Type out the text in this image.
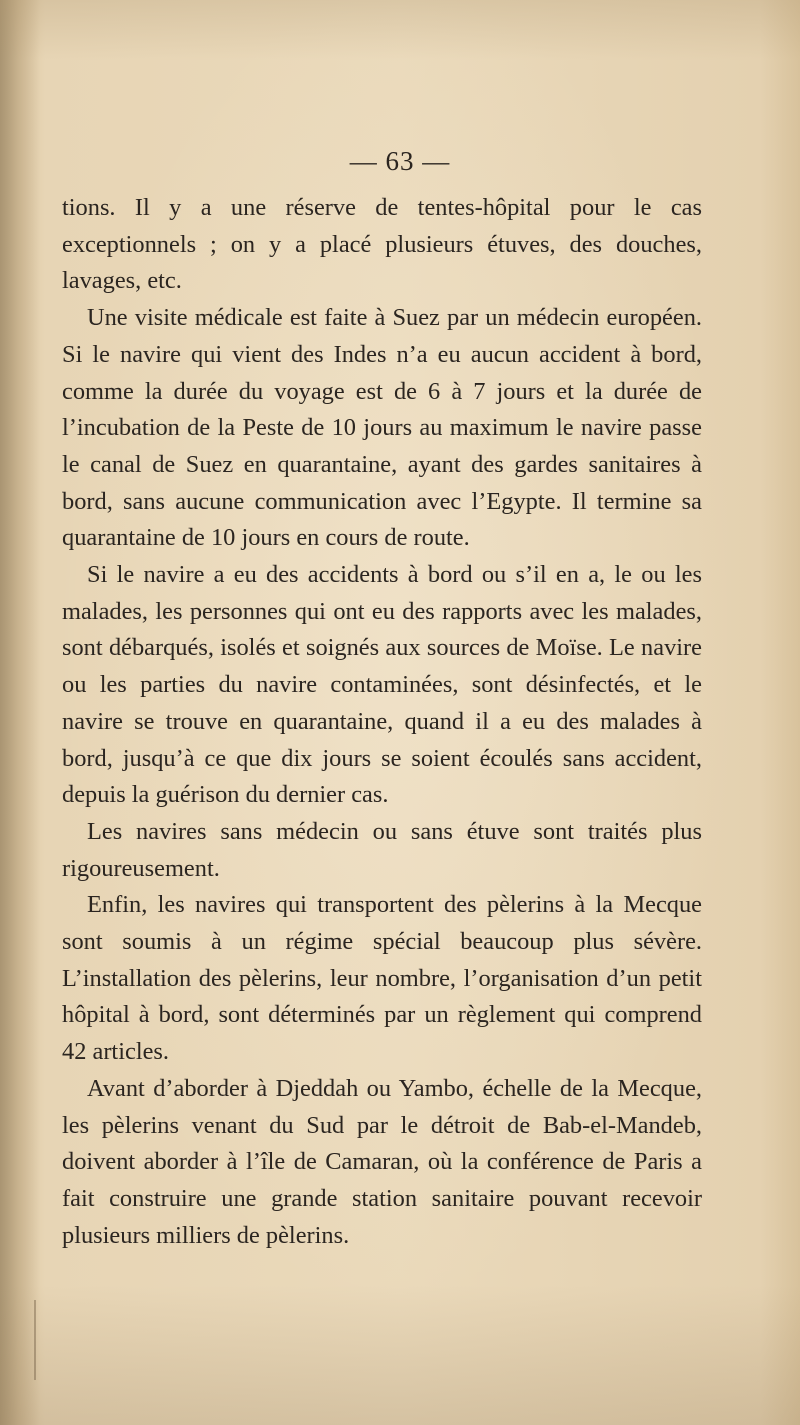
— 63 —

tions. Il y a une réserve de tentes-hôpital pour le cas exceptionnels ; on y a placé plusieurs étuves, des douches, lavages, etc.

Une visite médicale est faite à Suez par un médecin européen. Si le navire qui vient des Indes n’a eu aucun accident à bord, comme la durée du voyage est de 6 à 7 jours et la durée de l’incubation de la Peste de 10 jours au maximum le navire passe le canal de Suez en quarantaine, ayant des gardes sanitaires à bord, sans aucune communication avec l’Egypte. Il termine sa quarantaine de 10 jours en cours de route.

Si le navire a eu des accidents à bord ou s’il en a, le ou les malades, les personnes qui ont eu des rapports avec les malades, sont débarqués, isolés et soignés aux sources de Moïse. Le navire ou les parties du navire contaminées, sont désinfectés, et le navire se trouve en quarantaine, quand il a eu des malades à bord, jusqu’à ce que dix jours se soient écoulés sans accident, depuis la guérison du dernier cas.

Les navires sans médecin ou sans étuve sont traités plus rigoureusement.

Enfin, les navires qui transportent des pèlerins à la Mecque sont soumis à un régime spécial beaucoup plus sévère. L’installation des pèlerins, leur nombre, l’organisation d’un petit hôpital à bord, sont déterminés par un règlement qui comprend 42 articles.

Avant d’aborder à Djeddah ou Yambo, échelle de la Mecque, les pèlerins venant du Sud par le détroit de Bab-el-Mandeb, doivent aborder à l’île de Camaran, où la conférence de Paris a fait construire une grande station sanitaire pouvant recevoir plusieurs milliers de pèlerins.
